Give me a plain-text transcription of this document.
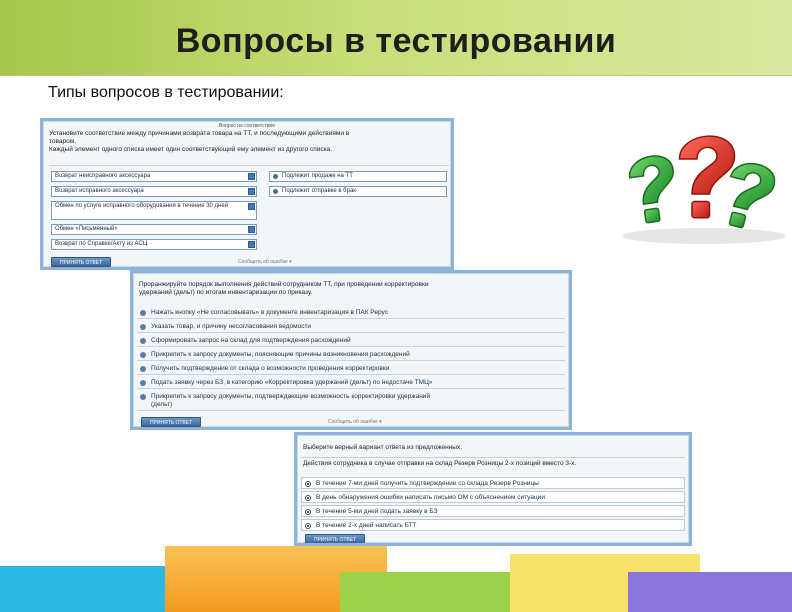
Вопросы в тестировании
Типы вопросов в тестировании:
Вопрос на соответствие
Установите соответствие между причинами возврата товара на ТТ, и последующими действиями в
товаром.
Каждый элемент одного списка имеет один соответствующий ему элемент из другого списка.
Возврат неисправного аксессуара
Возврат исправного аксессуара
Обмен по услуге исправного оборудования в течение 30 дней
Обмен «Письменный»
Возврат по Справке/Акту из АСЦ
Подлежит продаже на ТТ
Подлежит отправке в брак
ПРИНЯТЬ ОТВЕТ	Сообщить об ошибке ▾
Проранжируйте порядок выполнения действий сотрудником ТТ, при проведении корректировки
удержаний (дельт) по итогам инвентаризации по приказу.
Нажать кнопку «Не согласовывать» в документе инвентаризация в ПАК Рерус
Указать товар, и причину несогласования ведомости
Сформировать запрос на склад для подтверждения расхождений
Прикрепить к запросу документы, поясняющие причины возникновения расхождений
Получить подтверждение от склада о возможности проведения корректировки
Подать заявку через БЗ, в категорию «Корректировка удержаний (дельт) по недостаче ТМЦ»
Прикрепить к запросу документы, подтверждающие возможность корректировки удержаний
(дельт)
ПРИНЯТЬ ОТВЕТ	Сообщить об ошибке ▾
Выберите верный вариант ответа из предложенных.
Действия сотрудника в случае отправки на склад Резерв Розницы 2-х позиций вместо 3-х.
В течение 7-ми дней получить подтверждение со склада Резерв Розницы
В день обнаружения ошибки написать письмо ОМ с объяснением ситуации
В течение 5-ми дней подать заявку в БЗ
В течение 2-х дней написать БТТ
ПРИНЯТЬ ОТВЕТ
